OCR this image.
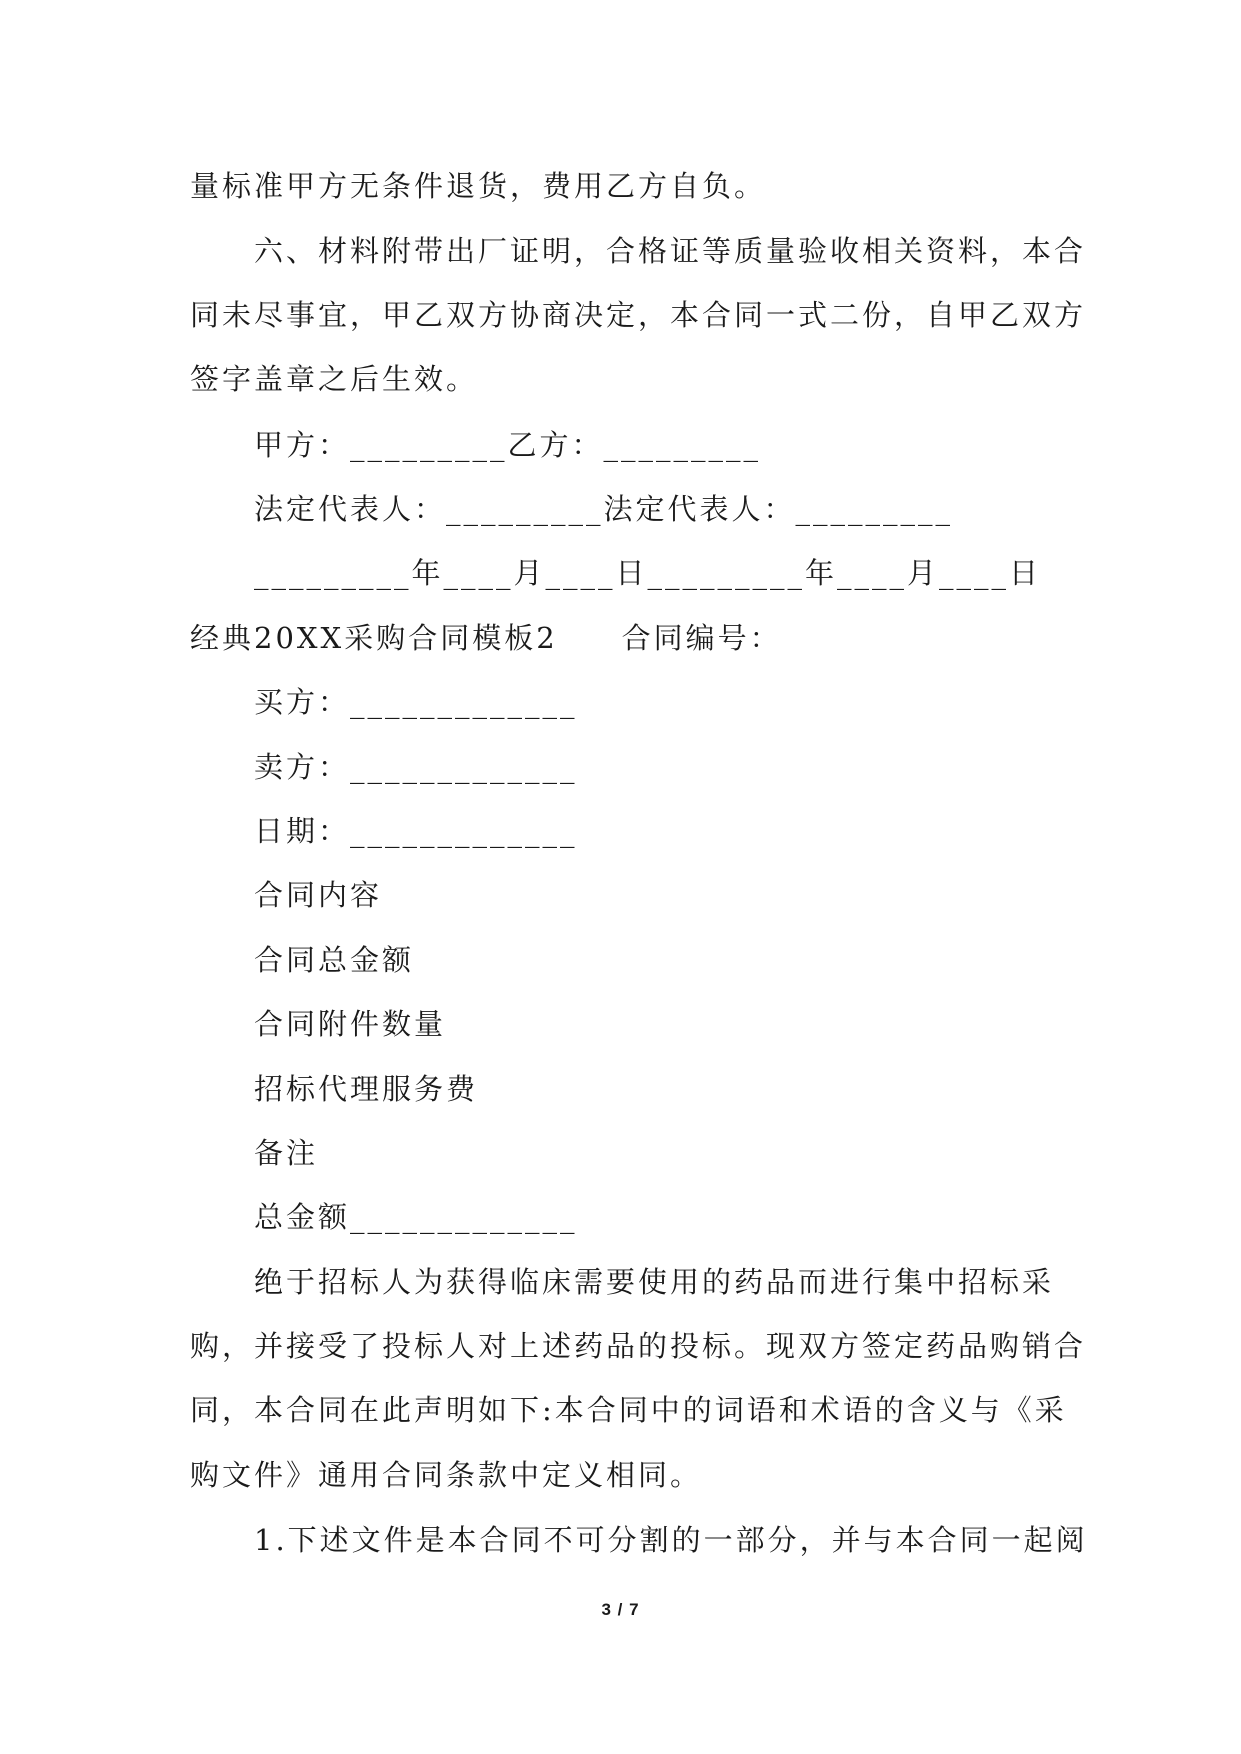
量标准甲方无条件退货，费用乙方自负。
六、材料附带出厂证明，合格证等质量验收相关资料，本合
同未尽事宜，甲乙双方协商决定，本合同一式二份，自甲乙双方
签字盖章之后生效。
甲方：_________乙方：_________
法定代表人：_________法定代表人：_________
_________年____月____日_________年____月____日
经典20XX采购合同模板2　　合同编号：
买方：_____________
卖方：_____________
日期：_____________
合同内容
合同总金额
合同附件数量
招标代理服务费
备注
总金额_____________
绝于招标人为获得临床需要使用的药品而进行集中招标采
购，并接受了投标人对上述药品的投标。现双方签定药品购销合
同，本合同在此声明如下:本合同中的词语和术语的含义与《采
购文件》通用合同条款中定义相同。
1.下述文件是本合同不可分割的一部分，并与本合同一起阅
3 / 7
